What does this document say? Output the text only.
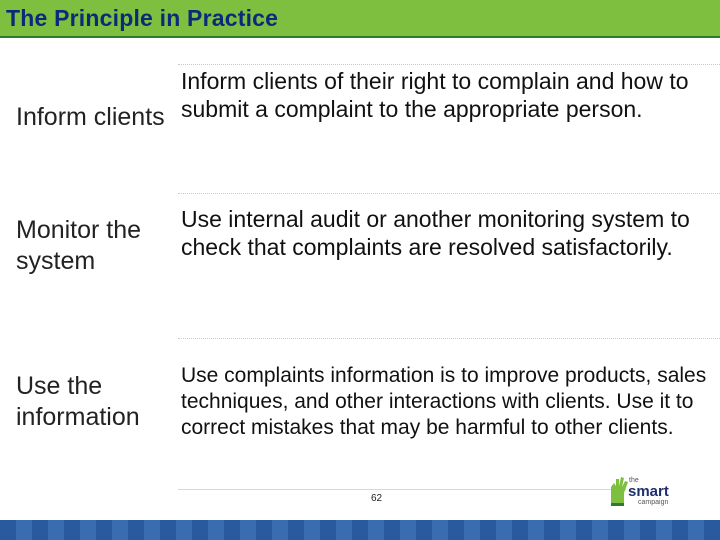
The Principle in Practice
Inform clients
Inform clients of their right to complain and how to submit a complaint to the appropriate person.
Monitor the system
Use internal audit or another monitoring system to check that complaints are resolved satisfactorily.
Use the information
Use complaints information is to improve products, sales techniques, and other interactions with clients. Use it to correct mistakes that may be harmful to other clients.
62
the
smart
campaign
